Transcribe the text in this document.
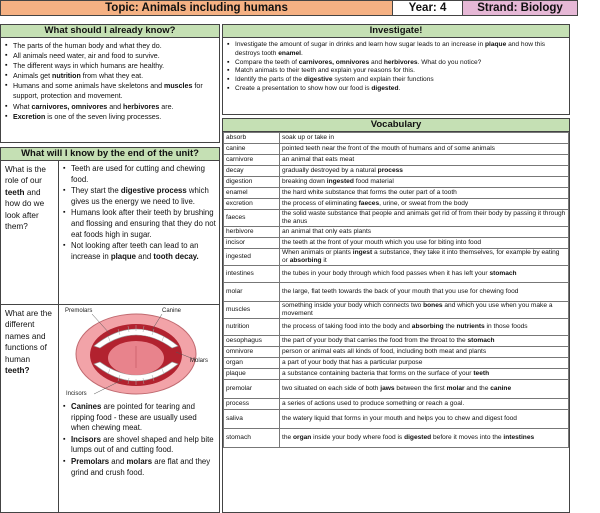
Topic: Animals including humans	Year: 4	Strand: Biology
What should I already know?
▪ The parts of the human body and what they do.
▪ All animals need water, air and food to survive.
▪ The different ways in which humans are healthy.
▪ Animals get nutrition from what they eat.
▪ Humans and some animals have skeletons and muscles for support, protection and movement.
▪ What carnivores, omnivores and herbivores are.
▪ Excretion is one of the seven living processes.
Investigate!
▪ Investigate the amount of sugar in drinks and learn how sugar leads to an increase in plaque and how this destroys tooth enamel.
▪ Compare the teeth of carnivores, omnivores and herbivores. What do you notice?
▪ Match animals to their teeth and explain your reasons for this.
▪ Identify the parts of the digestive system and explain their functions
▪ Create a presentation to show how our food is digested.
What will I know by the end of the unit?
What is the role of our teeth and how do we look after them?
▪ Teeth are used for cutting and chewing food.
▪ They start the digestive process which gives us the energy we need to live.
▪ Humans look after their teeth by brushing and flossing and ensuring that they do not eat foods high in sugar.
▪ Not looking after teeth can lead to an increase in plaque and tooth decay.
What are the different names and functions of human teeth?
Premolars	Canine
Molars
Incisors
▪ Canines are pointed for tearing and ripping food - these are usually used when chewing meat.
▪ Incisors are shovel shaped and help bite lumps out of and cutting food.
▪ Premolars and molars are flat and they grind and crush food.
Vocabulary
absorb	soak up or take in
canine	pointed teeth near the front of the mouth of humans and of some animals
carnivore	an animal that eats meat
decay	gradually destroyed by a natural process
digestion	breaking down ingested food material
enamel	the hard white substance that forms the outer part of a tooth
excretion	the process of eliminating faeces, urine, or sweat from the body
faeces	the solid waste substance that people and animals get rid of from their body by passing it through the anus
herbivore	an animal that only eats plants
incisor	the teeth at the front of your mouth which you use for biting into food
ingested	When animals or plants ingest a substance, they take it into themselves, for example by eating or absorbing it
intestines	the tubes in your body through which food passes when it has left your stomach
molar	the large, flat teeth towards the back of your mouth that you use for chewing food
muscles	something inside your body which connects two bones and which you use when you make a movement
nutrition	the process of taking food into the body and absorbing the nutrients in those foods
oesophagus	the part of your body that carries the food from the throat to the stomach
omnivore	person or animal eats all kinds of food, including both meat and plants
organ	a part of your body that has a particular purpose
plaque	a substance containing bacteria that forms on the surface of your teeth
premolar	two situated on each side of both jaws between the first molar and the canine
process	a series of actions used to produce something or reach a goal.
saliva	the watery liquid that forms in your mouth and helps you to chew and digest food
stomach	the organ inside your body where food is digested before it moves into the intestines
